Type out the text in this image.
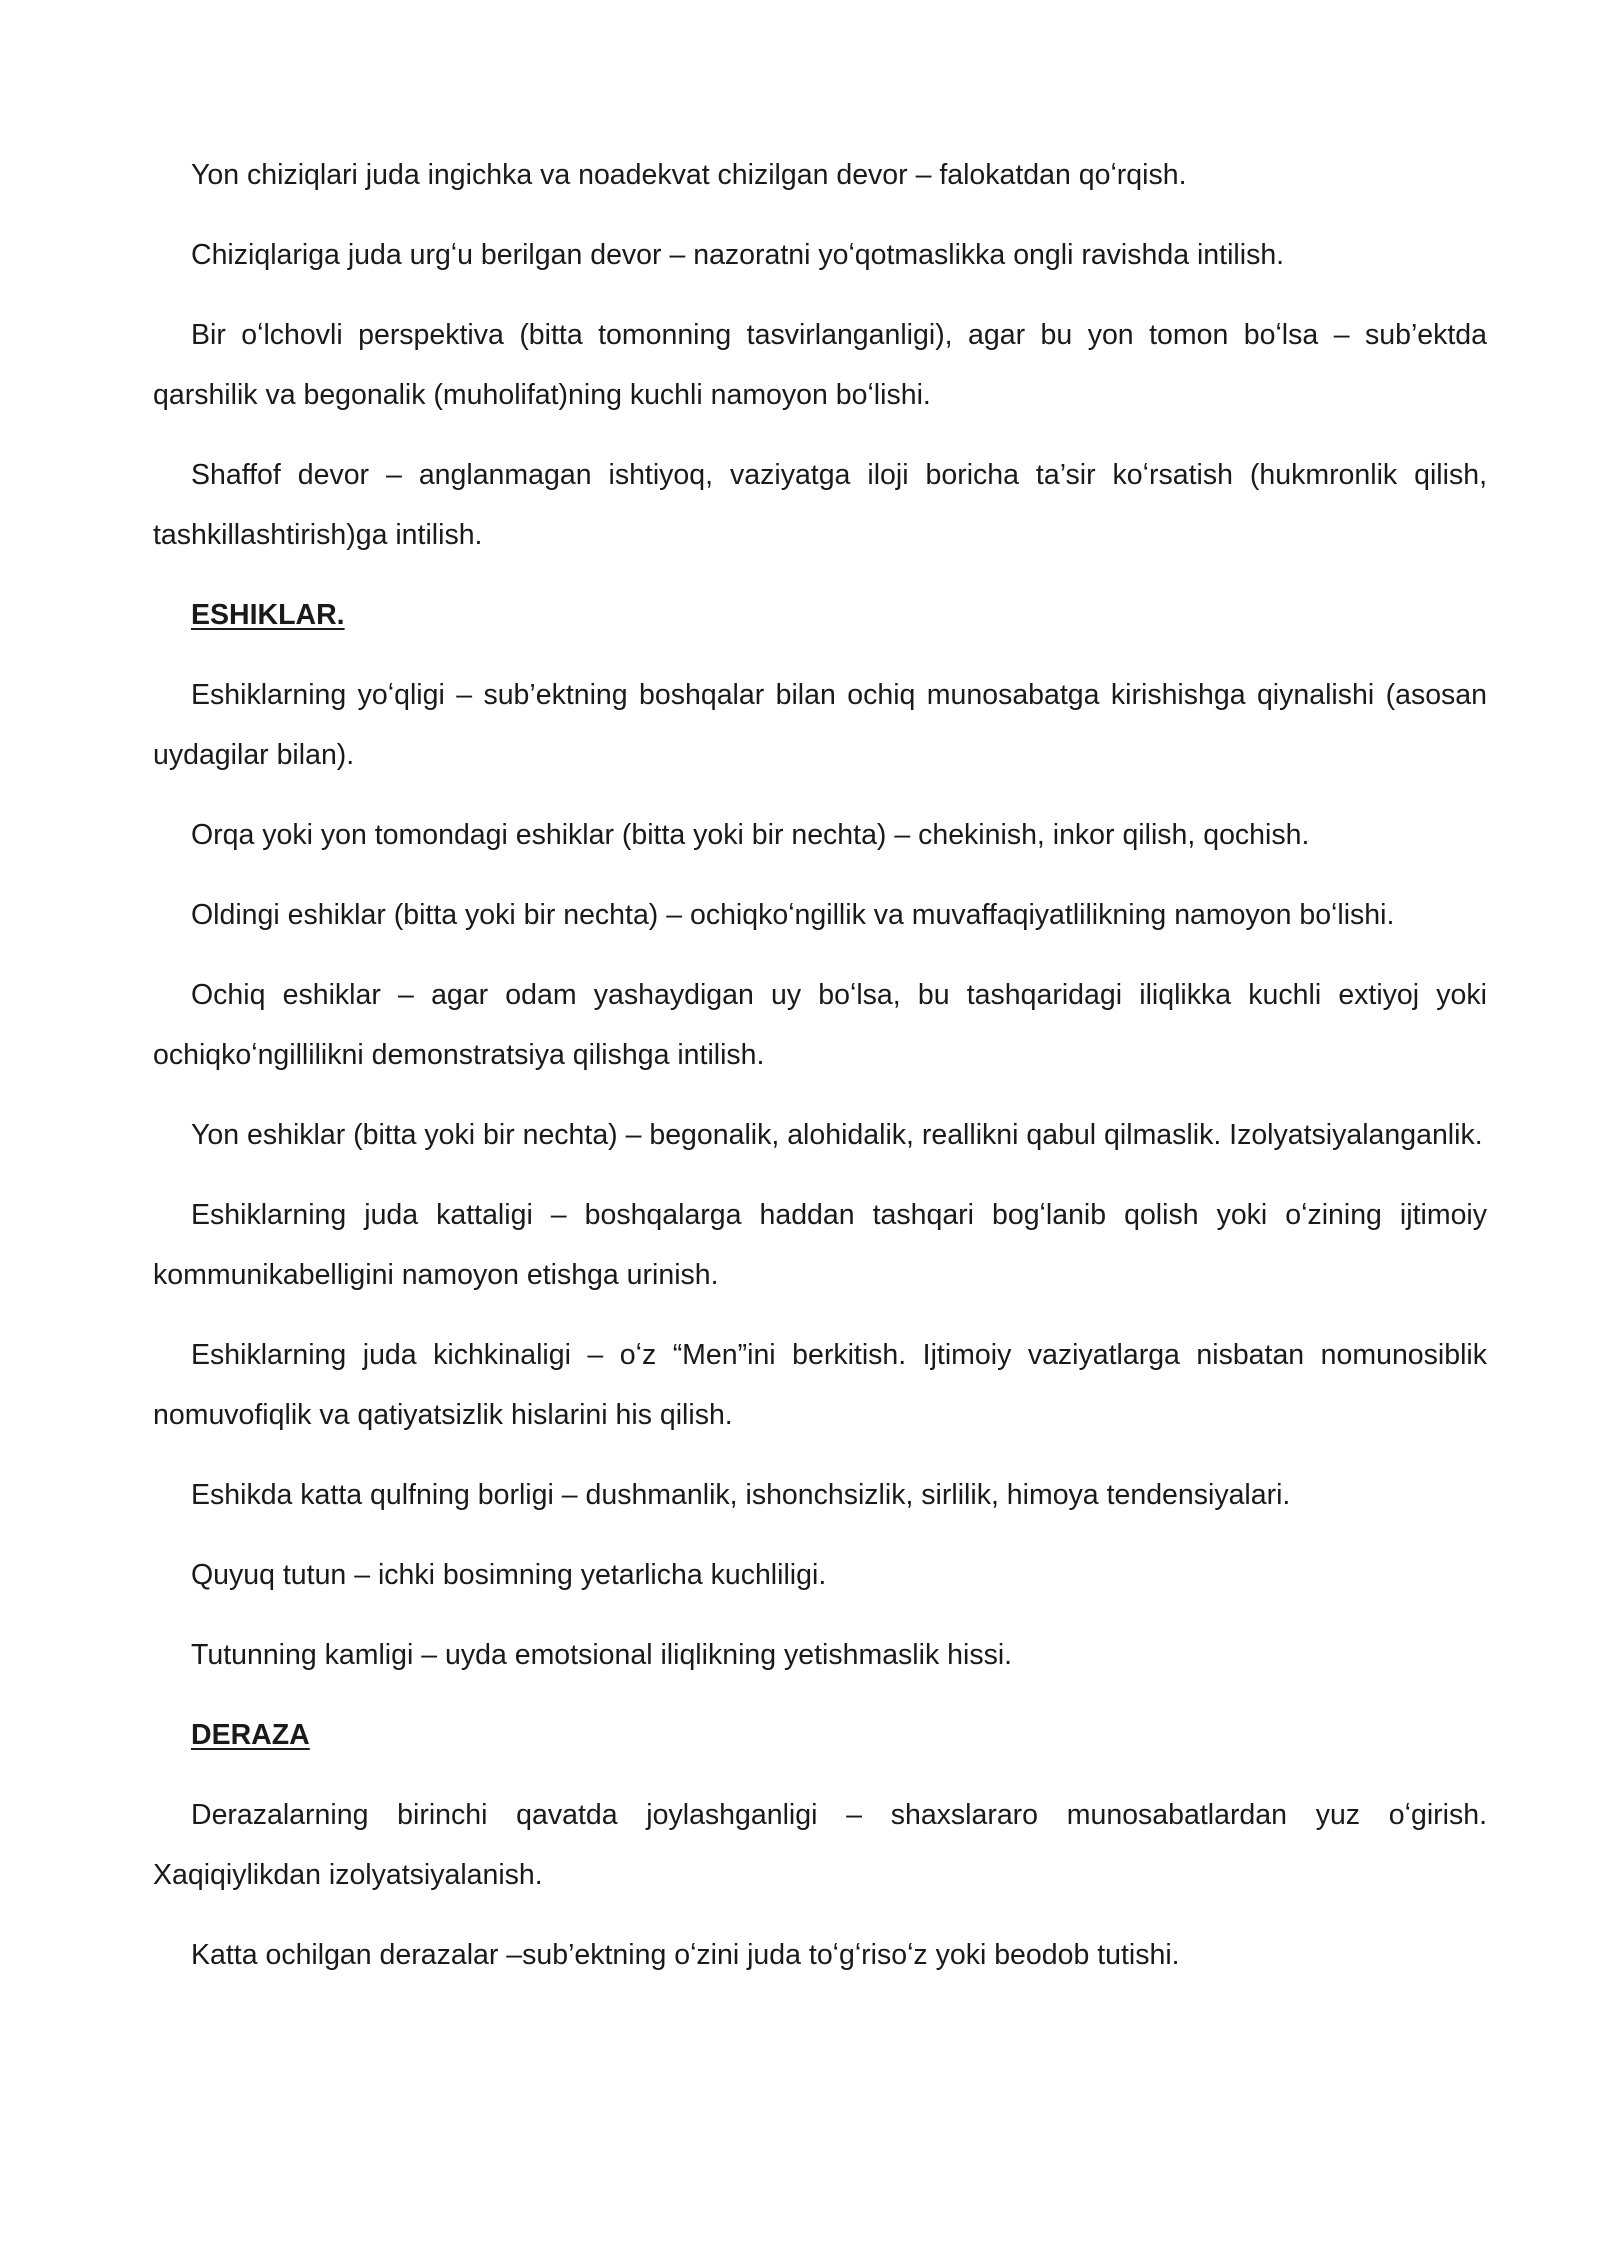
Yon chiziqlari juda ingichka va noadekvat chizilgan devor – falokatdan qoʻrqish.

Chiziqlariga juda urgʻu berilgan devor – nazoratni yoʻqotmaslikka ongli ravishda intilish.

Bir oʻlchovli perspektiva (bitta tomonning tasvirlanganligi), agar bu yon tomon boʻlsa – sub’ektda qarshilik va begonalik (muholifat)ning kuchli namoyon boʻlishi.

Shaffof devor – anglanmagan ishtiyoq, vaziyatga iloji boricha ta’sir koʻrsatish (hukmronlik qilish, tashkillashtirish)ga intilish.

ESHIKLAR.

Eshiklarning yoʻqligi – sub’ektning boshqalar bilan ochiq munosabatga kirishishga qiynalishi (asosan uydagilar bilan).

Orqa yoki yon tomondagi eshiklar (bitta yoki bir nechta) – chekinish, inkor qilish, qochish.

Oldingi eshiklar (bitta yoki bir nechta) – ochiqkoʻngillik va muvaffaqiyatlilikning namoyon boʻlishi.

Ochiq eshiklar – agar odam yashaydigan uy boʻlsa, bu tashqaridagi iliqlikka kuchli extiyoj yoki ochiqkoʻngillilikni demonstratsiya qilishga intilish.

Yon eshiklar (bitta yoki bir nechta) – begonalik, alohidalik, reallikni qabul qilmaslik. Izolyatsiyalanganlik.

Eshiklarning juda kattaligi – boshqalarga haddan tashqari bogʻlanib qolish yoki oʻzining ijtimoiy kommunikabelligini namoyon etishga urinish.

Eshiklarning juda kichkinaligi – oʻz “Men”ini berkitish. Ijtimoiy vaziyatlarga nisbatan nomunosiblik nomuvofiqlik va qatiyatsizlik hislarini his qilish.

Eshikda katta qulfning borligi – dushmanlik, ishonchsizlik, sirlilik, himoya tendensiyalari.

Quyuq tutun – ichki bosimning yetarlicha kuchliligi.

Tutunning kamligi – uyda emotsional iliqlikning yetishmaslik hissi.

DERAZA

Derazalarning birinchi qavatda joylashganligi – shaxslararo munosabatlardan yuz oʻgirish. Xaqiqiylikdan izolyatsiyalanish.

Katta ochilgan derazalar –sub’ektning oʻzini juda toʻgʻrisoʻz yoki beodob tutishi.
